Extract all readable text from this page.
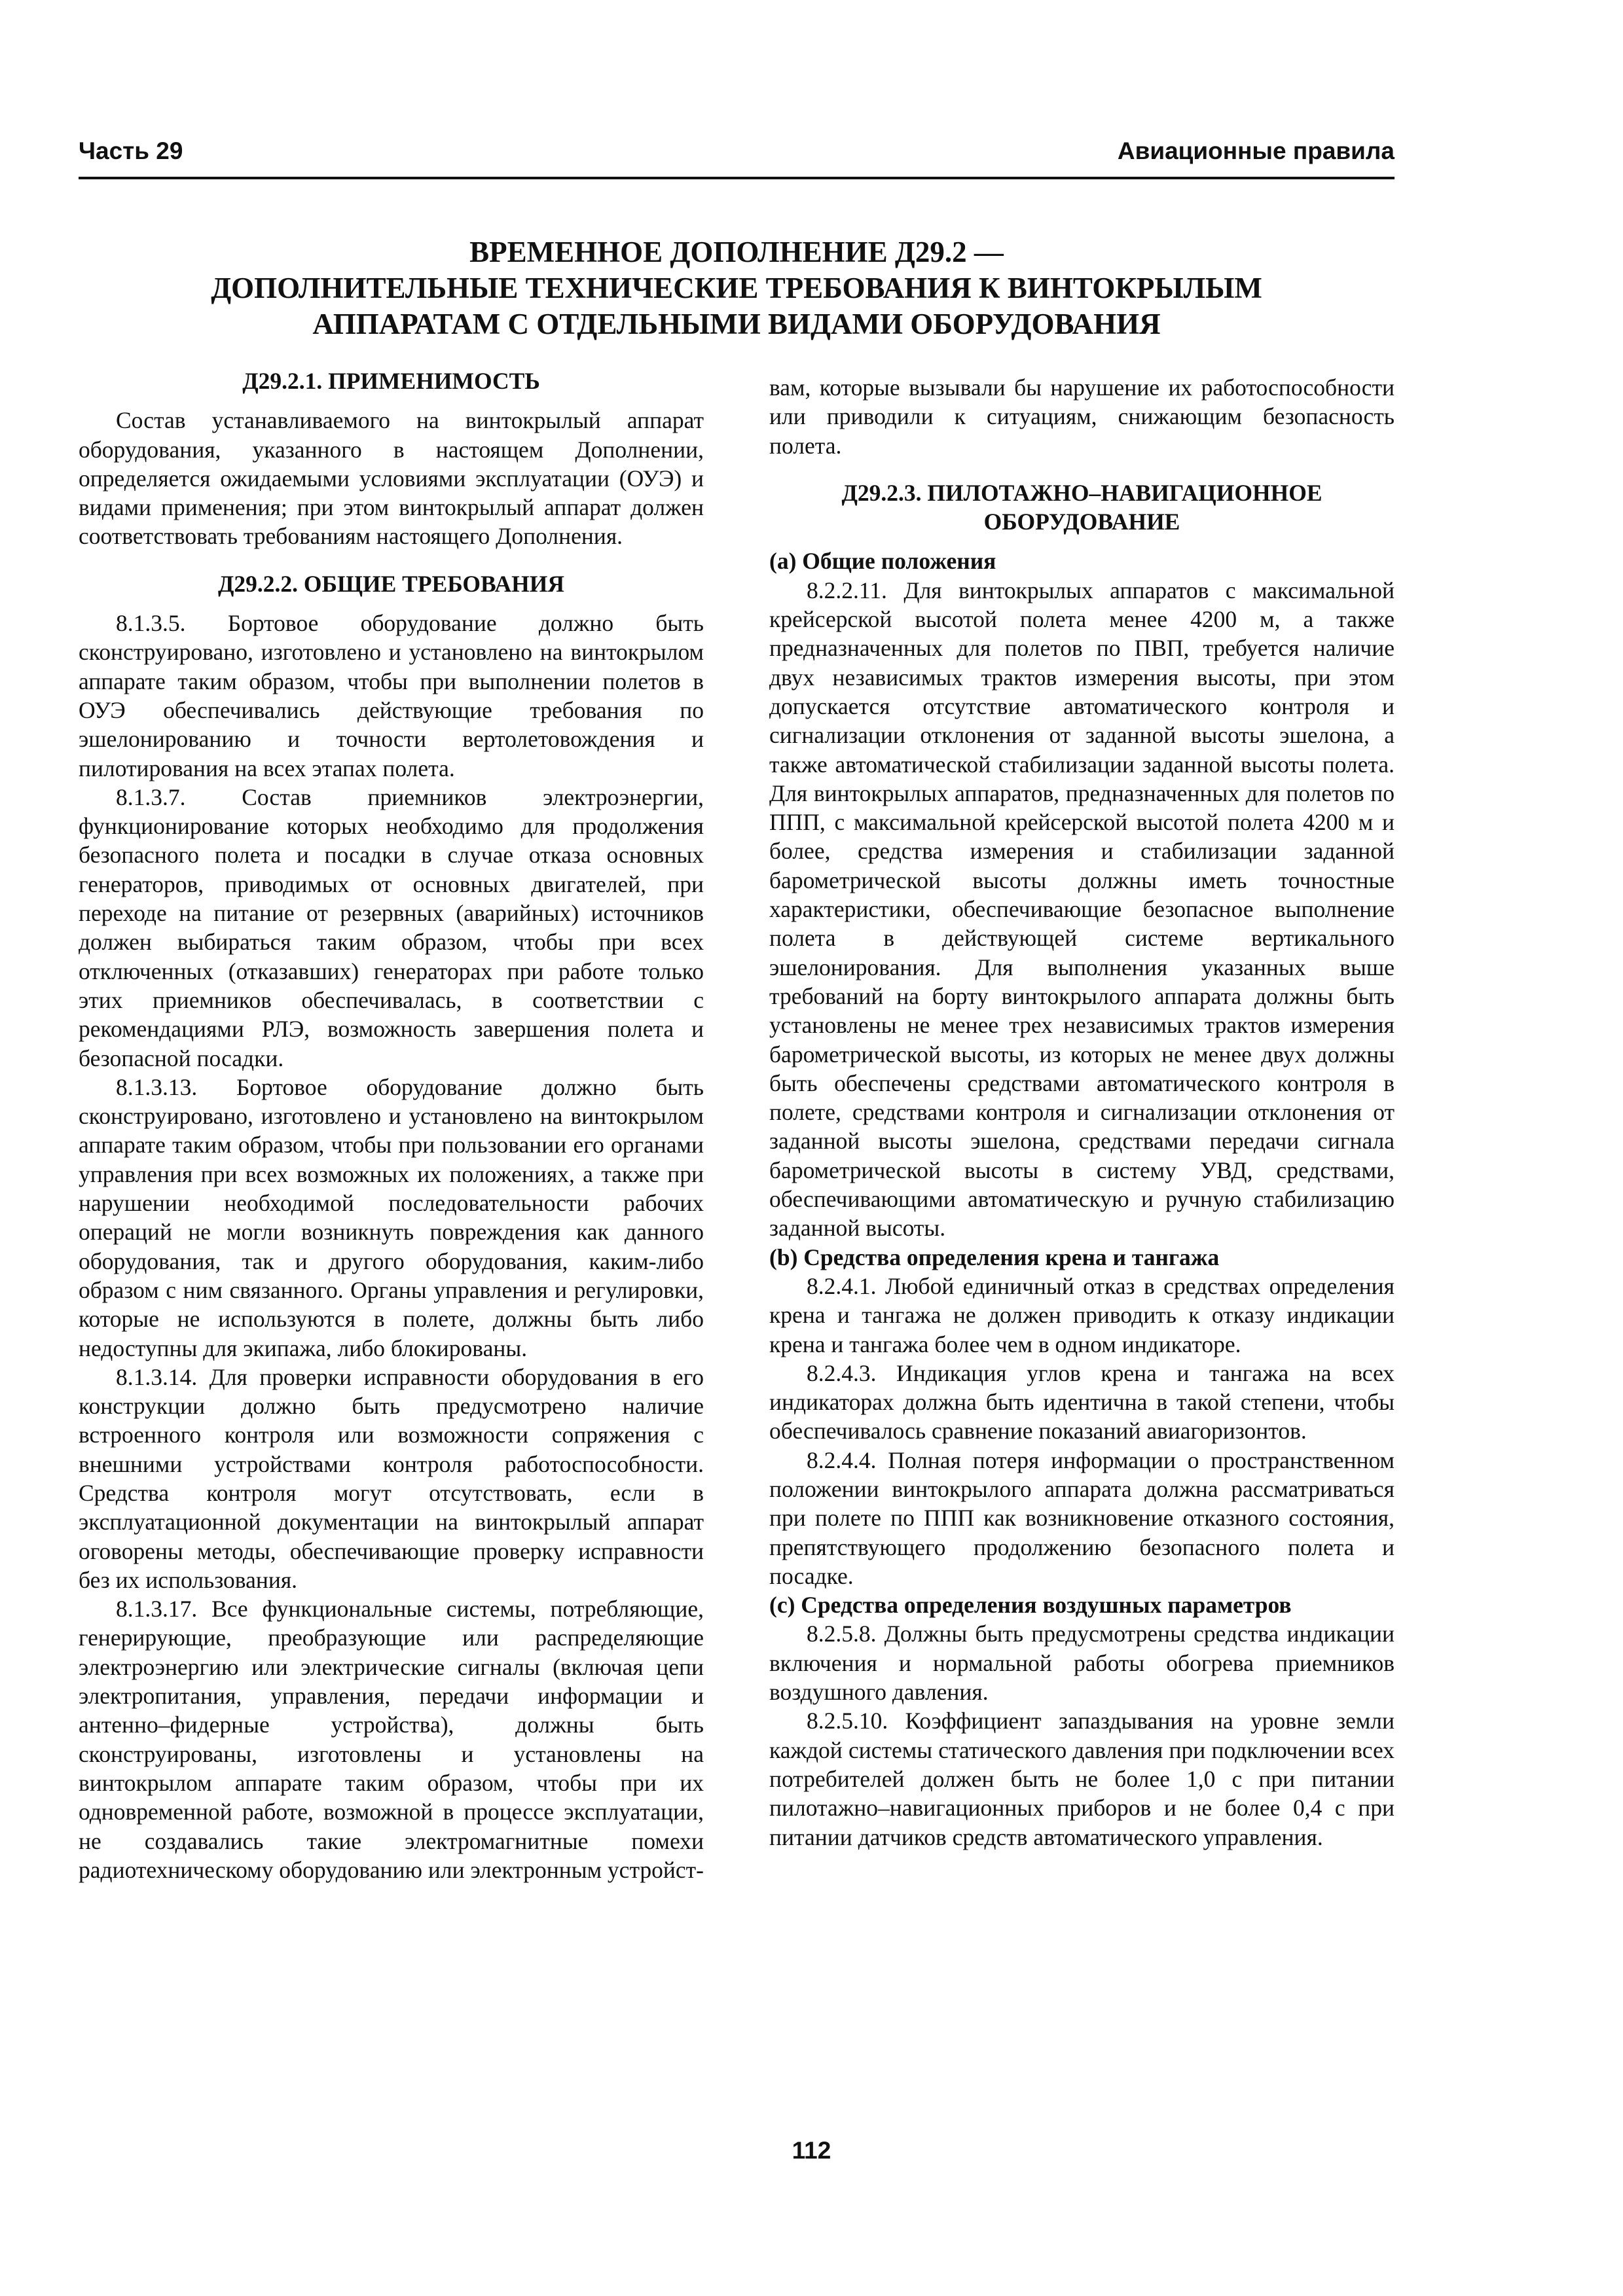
Часть 29	Авиационные правила
ВРЕМЕННОЕ ДОПОЛНЕНИЕ Д29.2 —
ДОПОЛНИТЕЛЬНЫЕ ТЕХНИЧЕСКИЕ ТРЕБОВАНИЯ К ВИНТОКРЫЛЫМ
АППАРАТАМ С ОТДЕЛЬНЫМИ ВИДАМИ ОБОРУДОВАНИЯ
Д29.2.1. ПРИМЕНИМОСТЬ

Состав устанавливаемого на винтокрылый аппарат оборудования, указанного в настоящем Дополнении, определяется ожидаемыми условиями эксплуатации (ОУЭ) и видами применения; при этом винтокрылый аппарат должен соответствовать требованиям настоящего Дополнения.

Д29.2.2. ОБЩИЕ ТРЕБОВАНИЯ

8.1.3.5. Бортовое оборудование должно быть сконструировано, изготовлено и установлено на винтокрылом аппарате таким образом, чтобы при выполнении полетов в ОУЭ обеспечивались действующие требования по эшелонированию и точности вертолетовождения и пилотирования на всех этапах полета.

8.1.3.7. Состав приемников электроэнергии, функционирование которых необходимо для продолжения безопасного полета и посадки в случае отказа основных генераторов, приводимых от основных двигателей, при переходе на питание от резервных (аварийных) источников должен выбираться таким образом, чтобы при всех отключенных (отказавших) генераторах при работе только этих приемников обеспечивалась, в соответствии с рекомендациями РЛЭ, возможность завершения полета и безопасной посадки.

8.1.3.13. Бортовое оборудование должно быть сконструировано, изготовлено и установлено на винтокрылом аппарате таким образом, чтобы при пользовании его органами управления при всех возможных их положениях, а также при нарушении необходимой последовательности рабочих операций не могли возникнуть повреждения как данного оборудования, так и другого оборудования, каким-либо образом с ним связанного. Органы управления и регулировки, которые не используются в полете, должны быть либо недоступны для экипажа, либо блокированы.

8.1.3.14. Для проверки исправности оборудования в его конструкции должно быть предусмотрено наличие встроенного контроля или возможности сопряжения с внешними устройствами контроля работоспособности. Средства контроля могут отсутствовать, если в эксплуатационной документации на винтокрылый аппарат оговорены методы, обеспечивающие проверку исправности без их использования.

8.1.3.17. Все функциональные системы, потребляющие, генерирующие, преобразующие или распределяющие электроэнергию или электрические сигналы (включая цепи электропитания, управления, передачи информации и антенно–фидерные устройства), должны быть сконструированы, изготовлены и установлены на винтокрылом аппарате таким образом, чтобы при их одновременной работе, возможной в процессе эксплуатации, не создавались такие электромагнитные помехи радиотехническому оборудованию или электронным устройст-

вам, которые вызывали бы нарушение их работоспособности или приводили к ситуациям, снижающим безопасность полета.

Д29.2.3. ПИЛОТАЖНО–НАВИГАЦИОННОЕ
ОБОРУДОВАНИЕ
(a) Общие положения

8.2.2.11. Для винтокрылых аппаратов с максимальной крейсерской высотой полета менее 4200 м, а также предназначенных для полетов по ПВП, требуется наличие двух независимых трактов измерения высоты, при этом допускается отсутствие автоматического контроля и сигнализации отклонения от заданной высоты эшелона, а также автоматической стабилизации заданной высоты полета. Для винтокрылых аппаратов, предназначенных для полетов по ППП, с максимальной крейсерской высотой полета 4200 м и более, средства измерения и стабилизации заданной барометрической высоты должны иметь точностные характеристики, обеспечивающие безопасное выполнение полета в действующей системе вертикального эшелонирования. Для выполнения указанных выше требований на борту винтокрылого аппарата должны быть установлены не менее трех независимых трактов измерения барометрической высоты, из которых не менее двух должны быть обеспечены средствами автоматического контроля в полете, средствами контроля и сигнализации отклонения от заданной высоты эшелона, средствами передачи сигнала барометрической высоты в систему УВД, средствами, обеспечивающими автоматическую и ручную стабилизацию заданной высоты.

(b) Средства определения крена и тангажа

8.2.4.1. Любой единичный отказ в средствах определения крена и тангажа не должен приводить к отказу индикации крена и тангажа более чем в одном индикаторе.

8.2.4.3. Индикация углов крена и тангажа на всех индикаторах должна быть идентична в такой степени, чтобы обеспечивалось сравнение показаний авиагоризонтов.

8.2.4.4. Полная потеря информации о пространственном положении винтокрылого аппарата должна рассматриваться при полете по ППП как возникновение отказного состояния, препятствующего продолжению безопасного полета и посадке.

(c) Средства определения воздушных параметров

8.2.5.8. Должны быть предусмотрены средства индикации включения и нормальной работы обогрева приемников воздушного давления.

8.2.5.10. Коэффициент запаздывания на уровне земли каждой системы статического давления при подключении всех потребителей должен быть не более 1,0 с при питании пилотажно–навигационных приборов и не более 0,4 с при питании датчиков средств автоматического управления.

112
